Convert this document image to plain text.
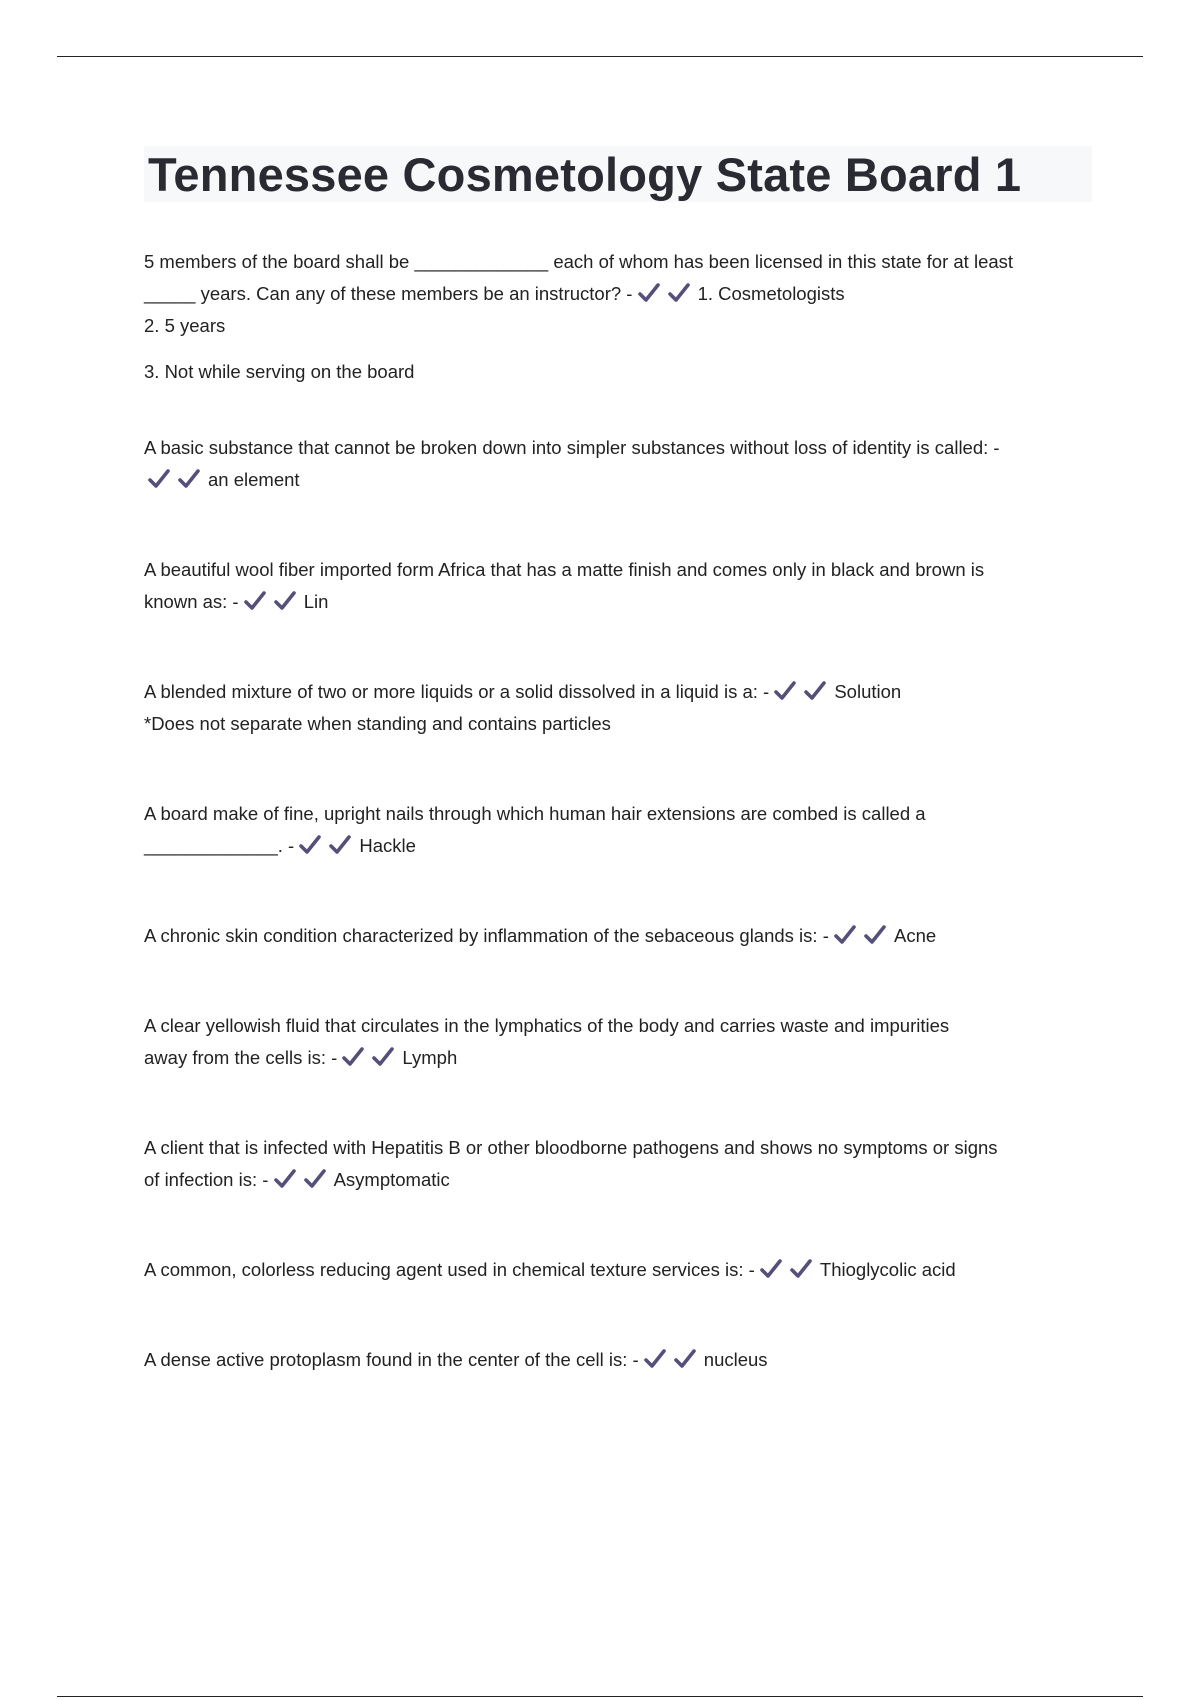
Tennessee Cosmetology State Board 1
5 members of the board shall be _____________ each of whom has been licensed in this state for at least
_____ years. Can any of these members be an instructor? -	1. Cosmetologists

2. 5 years

3. Not while serving on the board

A basic substance that cannot be broken down into simpler substances without loss of identity is called: -
an element
A beautiful wool fiber imported form Africa that has a matte finish and comes only in black and brown is
known as: -	Lin
A blended mixture of two or more liquids or a solid dissolved in a liquid is a: -	Solution

*Does not separate when standing and contains particles

A board make of fine, upright nails through which human hair extensions are combed is called a
_____________. -	Hackle
A chronic skin condition characterized by inflammation of the sebaceous glands is: -	Acne
A clear yellowish fluid that circulates in the lymphatics of the body and carries waste and impurities
away from the cells is: -	Lymph
A client that is infected with Hepatitis B or other bloodborne pathogens and shows no symptoms or signs
of infection is: -	Asymptomatic
A common, colorless reducing agent used in chemical texture services is: -	Thioglycolic acid
A dense active protoplasm found in the center of the cell is: -	nucleus
